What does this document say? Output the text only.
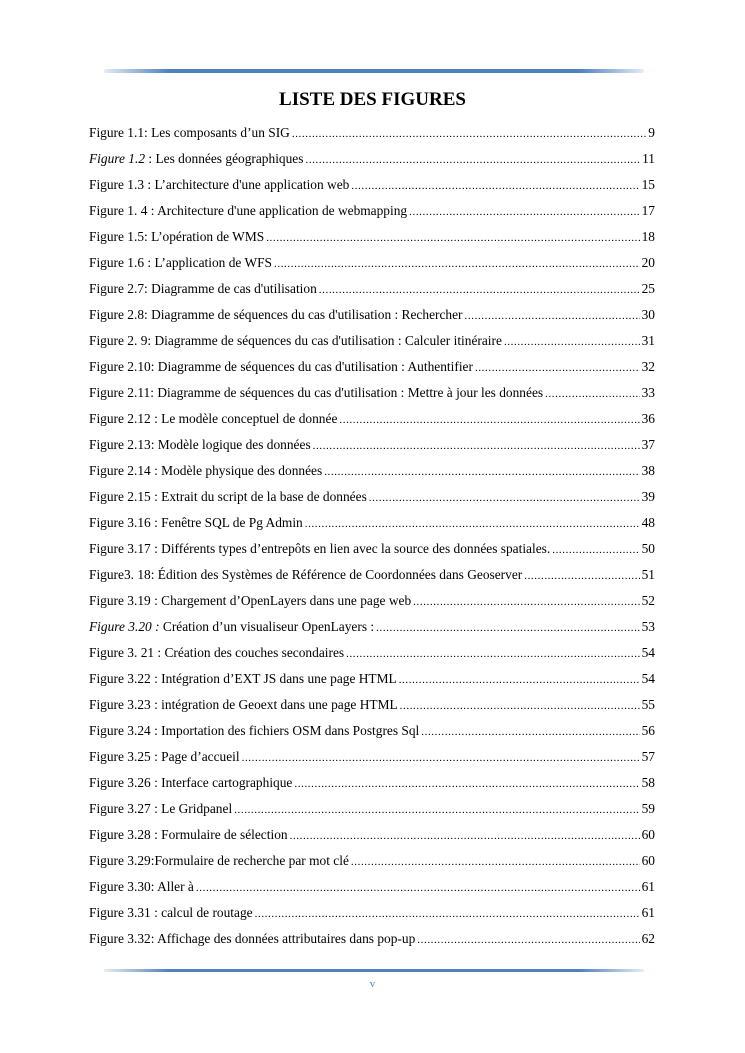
LISTE DES FIGURES
Figure 1.1: Les composants d’un SIG .....	9
Figure 1.2 : Les données géographiques .....	11
Figure 1.3 : L’architecture d'une application web .....	15
Figure 1. 4 : Architecture d'une application de webmapping .....	17
Figure 1.5: L’opération de WMS .....	18
Figure 1.6 : L’application de WFS .....	20
Figure 2.7: Diagramme de cas d'utilisation .....	25
Figure 2.8: Diagramme de séquences du cas d'utilisation : Rechercher .....	30
Figure 2. 9: Diagramme de séquences du cas d'utilisation : Calculer itinéraire .....	31
Figure 2.10: Diagramme de séquences du cas d'utilisation : Authentifier .....	32
Figure 2.11: Diagramme de séquences du cas d'utilisation : Mettre à jour les données .....	33
Figure 2.12 : Le modèle conceptuel de donnée .....	36
Figure 2.13: Modèle logique des données .....	37
Figure 2.14 : Modèle physique des données .....	38
Figure 2.15 : Extrait du script de la base de données .....	39
Figure 3.16 : Fenêtre SQL de Pg Admin .....	48
Figure 3.17 : Différents types d’entrepôts en lien avec la source des données spatiales. .....	50
Figure3. 18: Édition des Systèmes de Référence de Coordonnées dans Geoserver .....	51
Figure 3.19 : Chargement d’OpenLayers dans une page web .....	52
Figure 3.20 : Création d’un visualiseur OpenLayers : .....	53
Figure 3. 21 : Création des couches secondaires .....	54
Figure 3.22 : Intégration d’EXT JS dans une page HTML .....	54
Figure 3.23 : intégration de Geoext dans une page HTML .....	55
Figure 3.24 : Importation des fichiers OSM dans Postgres Sql .....	56
Figure 3.25 : Page d’accueil .....	57
Figure 3.26 : Interface cartographique .....	58
Figure 3.27 : Le Gridpanel .....	59
Figure 3.28 : Formulaire de sélection .....	60
Figure 3.29:Formulaire de recherche par mot clé .....	60
Figure 3.30: Aller à .....	61
Figure 3.31 : calcul de routage .....	61
Figure 3.32: Affichage des données attributaires dans pop-up .....	62
v
